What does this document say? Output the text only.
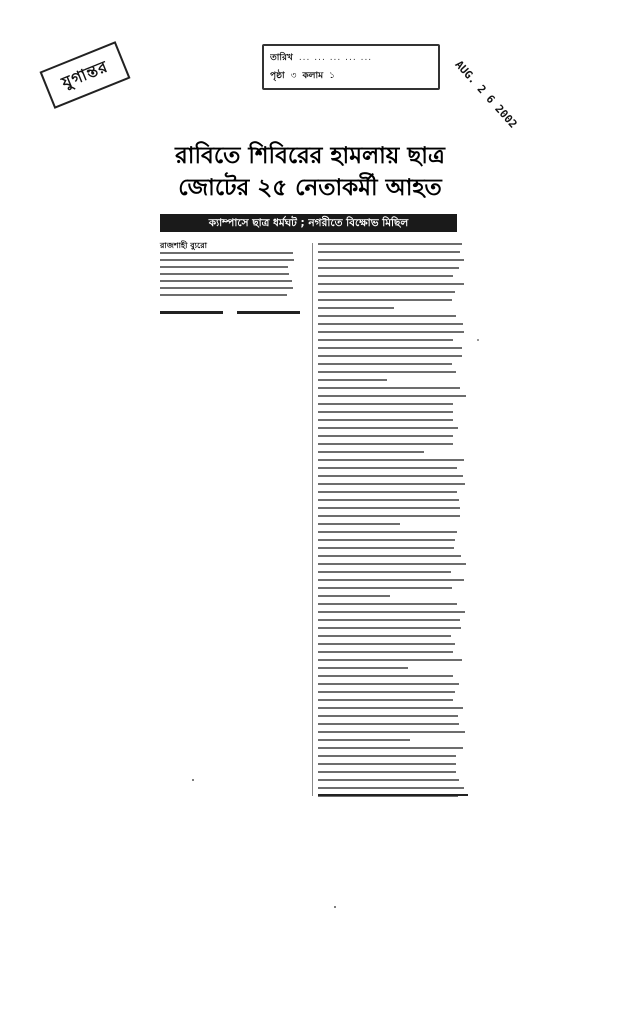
যুগান্তর	তারিখ ... ... ... ... ...
পৃষ্ঠা ৩ কলাম ১	AUG. 2 6 2002
রাবিতে শিবিরের হামলায় ছাত্র
জোটের ২৫ নেতাকর্মী আহত
ক্যাম্পাসে ছাত্র ধর্মঘট ; নগরীতে বিক্ষোভ মিছিল
রাজশাহী ব্যুরো
